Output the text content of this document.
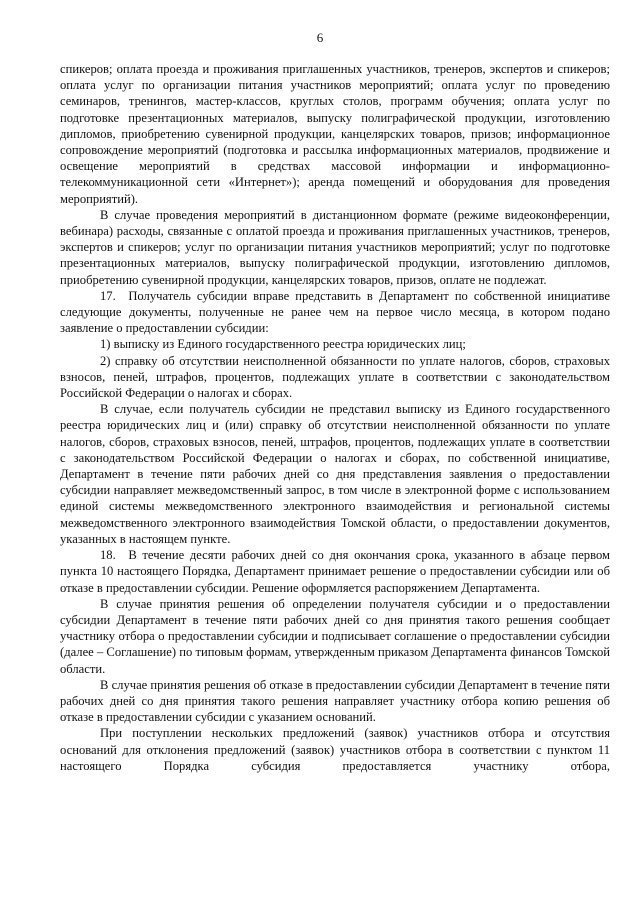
6

спикеров; оплата проезда и проживания приглашенных участников, тренеров, экспертов и спикеров; оплата услуг по организации питания участников мероприятий; оплата услуг по проведению семинаров, тренингов, мастер-классов, круглых столов, программ обучения; оплата услуг по подготовке презентационных материалов, выпуску полиграфической продукции, изготовлению дипломов, приобретению сувенирной продукции, канцелярских товаров, призов; информационное сопровождение мероприятий (подготовка и рассылка информационных материалов, продвижение и освещение мероприятий в средствах массовой информации и информационно-телекоммуникационной сети «Интернет»); аренда помещений и оборудования для проведения мероприятий).

В случае проведения мероприятий в дистанционном формате (режиме видеоконференции, вебинара) расходы, связанные с оплатой проезда и проживания приглашенных участников, тренеров, экспертов и спикеров; услуг по организации питания участников мероприятий; услуг по подготовке презентационных материалов, выпуску полиграфической продукции, изготовлению дипломов, приобретению сувенирной продукции, канцелярских товаров, призов, оплате не подлежат.

17. Получатель субсидии вправе представить в Департамент по собственной инициативе следующие документы, полученные не ранее чем на первое число месяца, в котором подано заявление о предоставлении субсидии:

1) выписку из Единого государственного реестра юридических лиц;

2) справку об отсутствии неисполненной обязанности по уплате налогов, сборов, страховых взносов, пеней, штрафов, процентов, подлежащих уплате в соответствии с законодательством Российской Федерации о налогах и сборах.

В случае, если получатель субсидии не представил выписку из Единого государственного реестра юридических лиц и (или) справку об отсутствии неисполненной обязанности по уплате налогов, сборов, страховых взносов, пеней, штрафов, процентов, подлежащих уплате в соответствии с законодательством Российской Федерации о налогах и сборах, по собственной инициативе, Департамент в течение пяти рабочих дней со дня представления заявления о предоставлении субсидии направляет межведомственный запрос, в том числе в электронной форме с использованием единой системы межведомственного электронного взаимодействия и региональной системы межведомственного электронного взаимодействия Томской области, о предоставлении документов, указанных в настоящем пункте.

18. В течение десяти рабочих дней со дня окончания срока, указанного в абзаце первом пункта 10 настоящего Порядка, Департамент принимает решение о предоставлении субсидии или об отказе в предоставлении субсидии. Решение оформляется распоряжением Департамента.

В случае принятия решения об определении получателя субсидии и о предоставлении субсидии Департамент в течение пяти рабочих дней со дня принятия такого решения сообщает участнику отбора о предоставлении субсидии и подписывает соглашение о предоставлении субсидии (далее – Соглашение) по типовым формам, утвержденным приказом Департамента финансов Томской области.

В случае принятия решения об отказе в предоставлении субсидии Департамент в течение пяти рабочих дней со дня принятия такого решения направляет участнику отбора копию решения об отказе в предоставлении субсидии с указанием оснований.

При поступлении нескольких предложений (заявок) участников отбора и отсутствия оснований для отклонения предложений (заявок) участников отбора в соответствии с пунктом 11 настоящего Порядка субсидия предоставляется участнику отбора,
